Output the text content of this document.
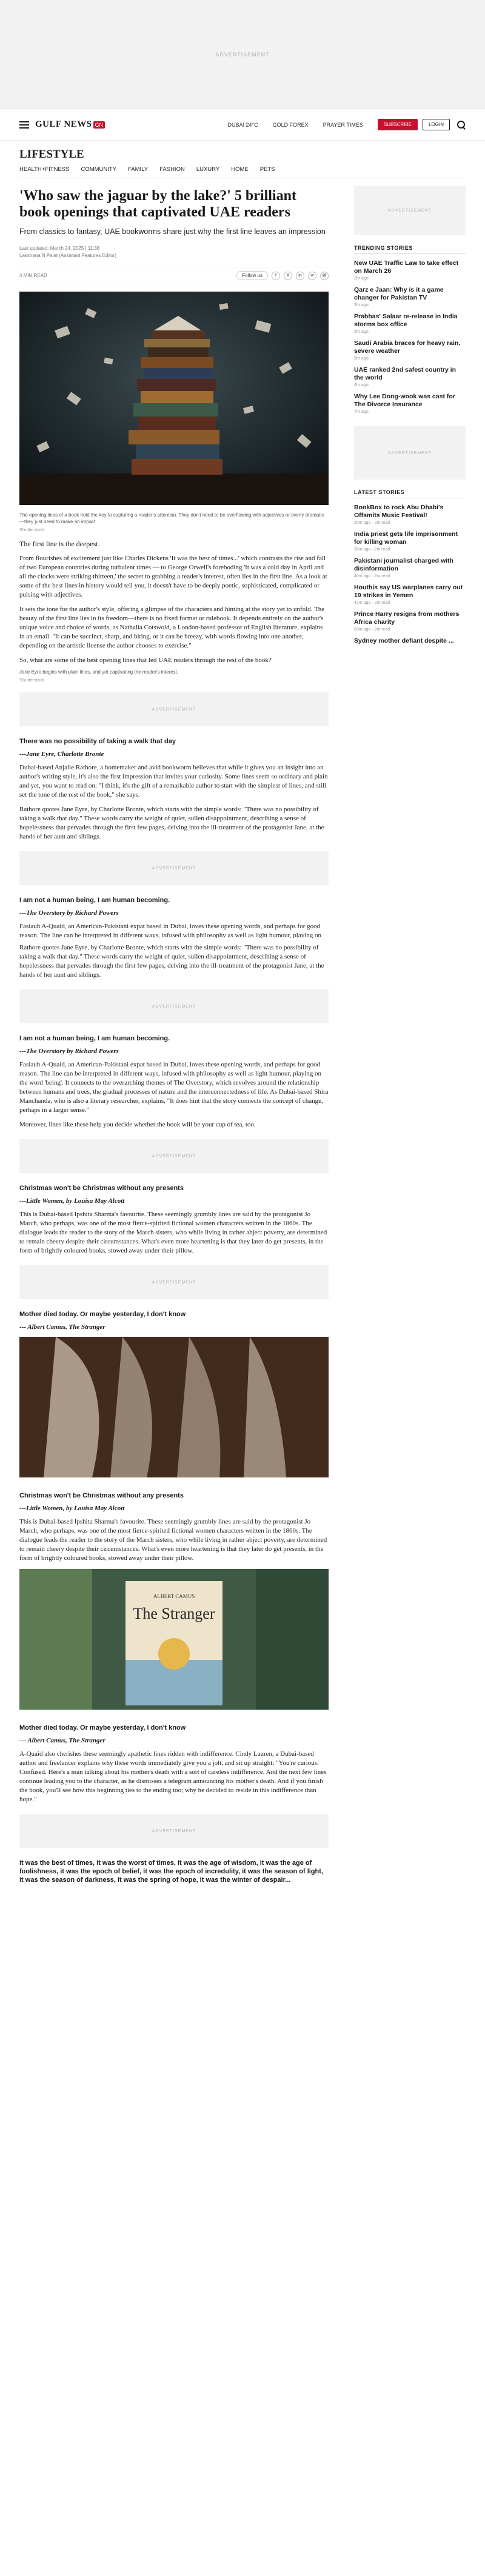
ADVERTISEMENT
GULF NEWS GN	DUBAI 24°C	GOLD FOREX	PRAYER TIMES	SUBSCRIBE	LOGIN
LIFESTYLE
HEALTH+FITNESS COMMUNITY FAMILY FASHION LUXURY HOME PETS
'Who saw the jaguar by the lake?' 5 brilliant book openings that captivated UAE readers

From classics to fantasy, UAE bookworms share just why the first line leaves an impression

Last updated: March 24, 2025 | 11:38
Lakshana N Palat (Assistant Features Editor)
4 MIN READ	Follow us	f	X	in	w	@

The opening lines of a book hold the key to capturing a reader's attention. They don't need to be overflowing with adjectives or overly dramatic—they just need to make an impact.

Shutterstock

The first line is the deepest.

From flourishes of excitement just like Charles Dickens 'It was the best of times...' which contrasts the rise and fall of two European countries during turbulent times — to George Orwell's foreboding 'It was a cold day in April and all the clocks were striking thirteen,' the secret to grabbing a reader's interest, often lies in the first line. As a look at some of the best lines in history would tell you, it doesn't have to be deeply poetic, sophisticated, complicated or pulsing with adjectives.

It sets the tone for the author's style, offering a glimpse of the characters and hinting at the story yet to unfold. The beauty of the first line lies in its freedom—there is no fixed format or rulebook. It depends entirely on the author's unique voice and choice of words, as Nathalia Cotswold, a London-based professor of English literature, explains in an email. "It can be succinct, sharp, and biting, or it can be breezy, with words flowing into one another, depending on the artistic license the author chooses to exercise."

So, what are some of the best opening lines that led UAE readers through the rest of the book?

Jane Eyre begins with plain lines, and yet captivating the reader's interest.

Shutterstock

ADVERTISEMENT

There was no possibility of taking a walk that day

---Jane Eyre, Charlotte Bronte

Dubai-based Anjalie Rathore, a homemaker and avid bookworm believes that while it gives you an insight into an author's writing style, it's also the first impression that invites your curiosity. Some lines seem so ordinary and plain and yet, you want to read on: "I think, it's the gift of a remarkable author to start with the simplest of lines, and still set the tone of the rest of the book," she says.

Rathore quotes Jane Eyre, by Charlotte Bronte, which starts with the simple words: "There was no possibility of taking a walk that day." These words carry the weight of quiet, sullen disappointment, describing a sense of hopelessness that pervades through the first few pages, delving into the ill-treatment of the protagonist Jane, at the hands of her aunt and siblings.

ADVERTISEMENT

I am not a human being, I am human becoming.

---The Overstory by Richard Powers

Fasiauh A-Quaid, an American-Pakistani expat based in Dubai, loves these opening words, and perhaps for good reason. The line can be interpreted in different ways, infused with philosophy as well as light humour, playing on

Rathore quotes Jane Eyre, by Charlotte Bronte, which starts with the simple words: "There was no possibility of taking a walk that day." These words carry the weight of quiet, sullen disappointment, describing a sense of hopelessness that pervades through the first few pages, delving into the ill-treatment of the protagonist Jane, at the hands of her aunt and siblings.

ADVERTISEMENT

I am not a human being, I am human becoming.

---The Overstory by Richard Powers

Fasiauh A-Quaid, an American-Pakistani expat based in Dubai, loves these opening words, and perhaps for good reason. The line can be interpreted in different ways, infused with philosophy as well as light humour, playing on the word 'being'. It connects to the overarching themes of The Overstory, which revolves around the relationship between humans and trees, the gradual processes of nature and the interconnectedness of life. As Dubai-based Shira Manchanda, who is also a literary researcher, explains, "It does hint that the story connects the concept of change, perhaps in a larger sense."

Moreover, lines like these help you decide whether the book will be your cup of tea, too.

ADVERTISEMENT

Christmas won't be Christmas without any presents

---Little Women, by Louisa May Alcott

This is Dubai-based Ipshita Sharma's favourite. These seemingly grumbly lines are said by the protagonist Jo March, who perhaps, was one of the most fierce-spirited fictional women characters written in the 1860s. The dialogue leads the reader to the story of the March sisters, who while living in rather abject poverty, are determined to remain cheery despite their circumstances. What's even more heartening is that they later do get presents, in the form of brightly coloured books, stowed away under their pillow.

ADVERTISEMENT

Mother died today. Or maybe yesterday, I don't know

--- Albert Camus, The Stranger

Christmas won't be Christmas without any presents

---Little Women, by Louisa May Alcott

This is Dubai-based Ipshita Sharma's favourite. These seemingly grumbly lines are said by the protagonist Jo March, who perhaps, was one of the most fierce-spirited fictional women characters written in the 1860s. The dialogue leads the reader to the story of the March sisters, who while living in rather abject poverty, are determined to remain cheery despite their circumstances. What's even more heartening is that they later do get presents, in the form of brightly coloured books, stowed away under their pillow.

ALBERT CAMUS
The Stranger

Mother died today. Or maybe yesterday, I don't know

--- Albert Camus, The Stranger

A-Quaid also cherishes these seemingly apathetic lines ridden with indifference. Cindy Lauren, a Dubai-based author and freelancer explains why these words immediately give you a jolt, and sit up straight: "You're curious. Confused. Here's a man talking about his mother's death with a sort of careless indifference. And the next few lines continue leading you to the character, as he dismisses a telegram announcing his mother's death. And if you finish the book, you'll see how this beginning ties to the ending too; why he decided to reside in this indifference than hope."

ADVERTISEMENT

It was the best of times, it was the worst of times, it was the age of wisdom, it was the age of foolishness, it was the epoch of belief, it was the epoch of incredulity, it was the season of light, it was the season of darkness, it was the spring of hope, it was the winter of despair...

ADVERTISEMENT
TRENDING STORIES
New UAE Traffic Law to take effect on March 26
2hr ago
Qarz e Jaan: Why is it a game changer for Pakistan TV
3hr ago
Prabhas' Salaar re-release in India storms box office
5hr ago
Saudi Arabia braces for heavy rain, severe weather
5hr ago
UAE ranked 2nd safest country in the world
6hr ago
Why Lee Dong-wook was cast for The Divorce Insurance
7hr ago
ADVERTISEMENT
LATEST STORIES
BookBox to rock Abu Dhabi's Offsmits Music Festival!
20m ago · 2m read
India priest gets life imprisonment for killing woman
35m ago · 2m read
Pakistani journalist charged with disinformation
40m ago · 2m read
Houthis say US warplanes carry out 19 strikes in Yemen
42m ago · 2m read
Prince Harry resigns from mothers Africa charity
50m ago · 2m read
Sydney mother defiant despite ...
